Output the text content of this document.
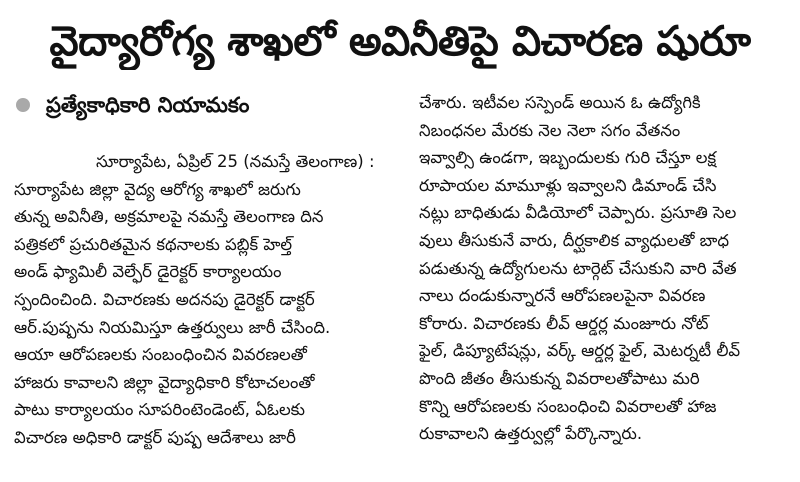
వైద్యారోగ్య శాఖలో అవినీతిపై విచారణ షురూ
ప్రత్యేకాధికారి నియామకం
సూర్యాపేట, ఏప్రిల్ 25 (నమస్తే తెలంగాణ) :
సూర్యాపేట జిల్లా వైద్య ఆరోగ్య శాఖలో జరుగు
తున్న అవినీతి, అక్రమాలపై నమస్తే తెలంగాణ దిన
పత్రికలో ప్రచురితమైన కథనాలకు పబ్లిక్ హెల్త్
అండ్ ఫ్యామిలీ వెల్ఫేర్ డైరెక్టర్ కార్యాలయం
స్పందించింది. విచారణకు అదనపు డైరెక్టర్ డాక్టర్
ఆర్.పుష్పను నియమిస్తూ ఉత్తర్వులు జారీ చేసింది.
ఆయా ఆరోపణలకు సంబంధించిన వివరణలతో
హాజరు కావాలని జిల్లా వైద్యాధికారి కోటాచలంతో
పాటు కార్యాలయం సూపరింటెండెంట్, ఏఓలకు
విచారణ అధికారి డాక్టర్ పుష్ప ఆదేశాలు జారీ
చేశారు. ఇటీవల సస్పెండ్ అయిన ఓ ఉద్యోగికి
నిబంధనల మేరకు నెల నెలా సగం వేతనం
ఇవ్వాల్సి ఉండగా, ఇబ్బందులకు గురి చేస్తూ లక్ష
రూపాయల మామూళ్లు ఇవ్వాలని డిమాండ్ చేసి
నట్లు బాధితుడు వీడియోలో చెప్పారు. ప్రసూతి సెల
వులు తీసుకునే వారు, దీర్ఘకాలిక వ్యాధులతో బాధ
పడుతున్న ఉద్యోగులను టార్గెట్ చేసుకుని వారి వేత
నాలు దండుకున్నారనే ఆరోపణలపైనా వివరణ
కోరారు. విచారణకు లీవ్ ఆర్డర్ల మంజూరు నోట్
ఫైల్, డిప్యూటేషన్లు, వర్క్ ఆర్డర్ల ఫైల్, మెటర్నటీ లీవ్
పొంది జీతం తీసుకున్న వివరాలతోపాటు మరి
కొన్ని ఆరోపణలకు సంబంధించి వివరాలతో హాజ
రుకావాలని ఉత్తర్వుల్లో పేర్కొన్నారు.
